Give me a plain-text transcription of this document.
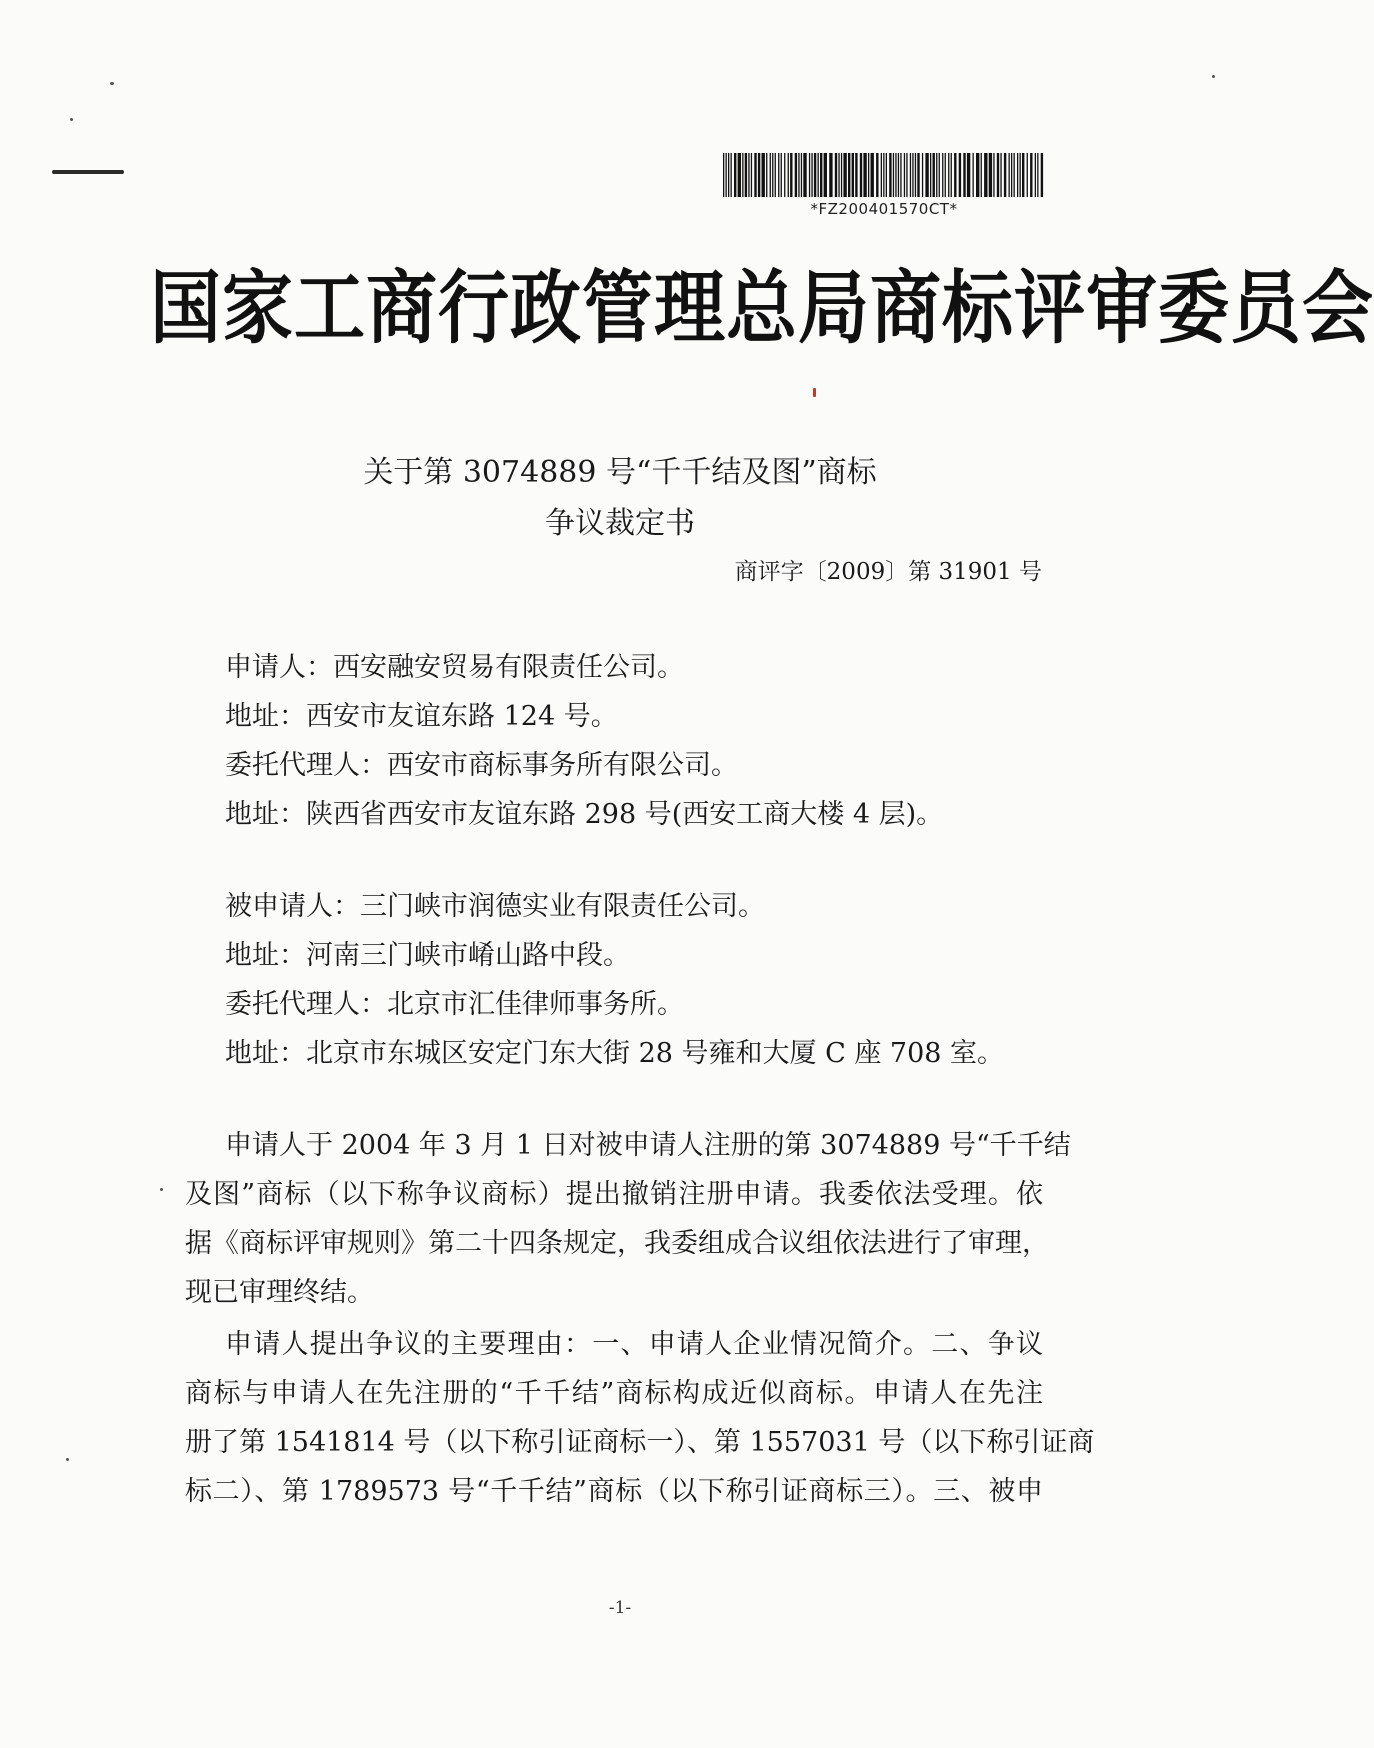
*FZ200401570CT*
国家工商行政管理总局商标评审委员会
关于第 3074889 号“千千结及图”商标
争议裁定书
商评字〔2009〕第 31901 号
申请人：西安融安贸易有限责任公司。
地址：西安市友谊东路 124 号。
委托代理人：西安市商标事务所有限公司。
地址：陕西省西安市友谊东路 298 号(西安工商大楼 4 层)。
被申请人：三门峡市润德实业有限责任公司。
地址：河南三门峡市崤山路中段。
委托代理人：北京市汇佳律师事务所。
地址：北京市东城区安定门东大街 28 号雍和大厦 C 座 708 室。
申请人于 2004 年 3 月 1 日对被申请人注册的第 3074889 号“千千结
及图”商标（以下称争议商标）提出撤销注册申请。我委依法受理。依
据《商标评审规则》第二十四条规定，我委组成合议组依法进行了审理，
现已审理终结。
申请人提出争议的主要理由：一、申请人企业情况简介。二、争议
商标与申请人在先注册的“千千结”商标构成近似商标。申请人在先注
册了第 1541814 号（以下称引证商标一）、第 1557031 号（以下称引证商
标二）、第 1789573 号“千千结”商标（以下称引证商标三）。三、被申
-1-
